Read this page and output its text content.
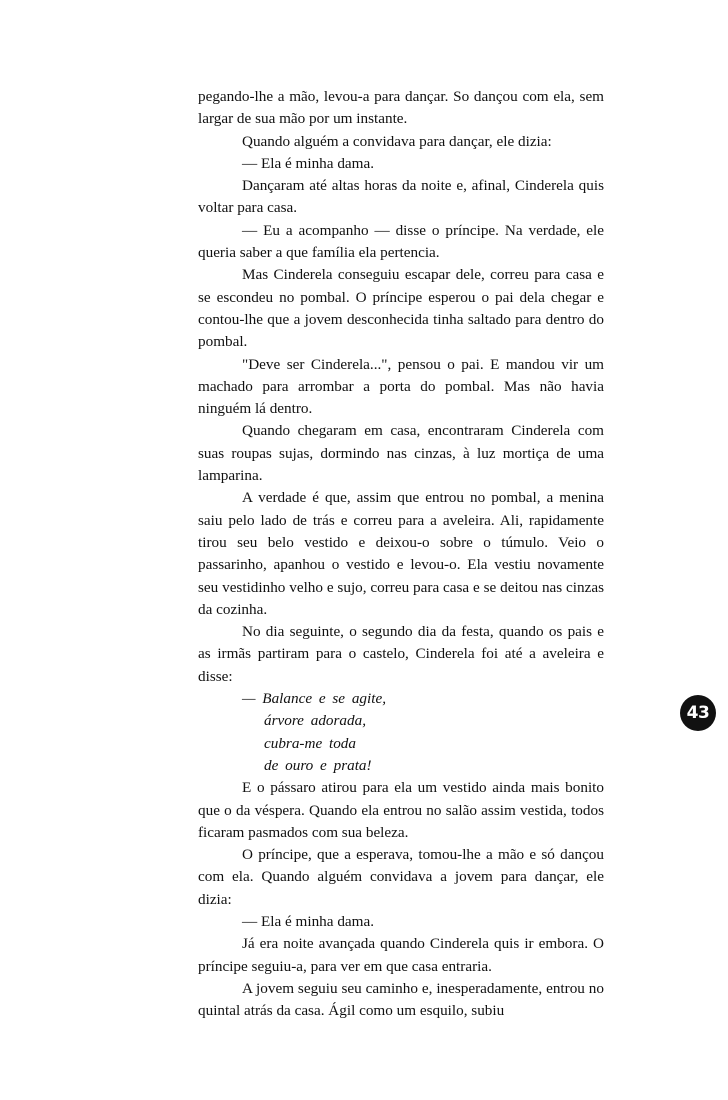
pegando-lhe a mão, levou-a para dançar. So dançou com ela, sem largar de sua mão por um instante.

Quando alguém a convidava para dançar, ele dizia:

— Ela é minha dama.

Dançaram até altas horas da noite e, afinal, Cinderela quis voltar para casa.

— Eu a acompanho — disse o príncipe. Na verdade, ele queria saber a que família ela pertencia.

Mas Cinderela conseguiu escapar dele, correu para casa e se escondeu no pombal. O príncipe esperou o pai dela chegar e contou-lhe que a jovem desconhecida tinha saltado para dentro do pombal.

"Deve ser Cinderela...", pensou o pai. E mandou vir um machado para arrombar a porta do pombal. Mas não havia ninguém lá dentro.

Quando chegaram em casa, encontraram Cinderela com suas roupas sujas, dormindo nas cinzas, à luz mortiça de uma lamparina.

A verdade é que, assim que entrou no pombal, a menina saiu pelo lado de trás e correu para a aveleira. Ali, rapidamente tirou seu belo vestido e deixou-o sobre o túmulo. Veio o passarinho, apanhou o vestido e levou-o. Ela vestiu novamente seu vestidinho velho e sujo, correu para casa e se deitou nas cinzas da cozinha.

No dia seguinte, o segundo dia da festa, quando os pais e as irmãs partiram para o castelo, Cinderela foi até a aveleira e disse:

— Balance e se agite,

árvore adorada,

cubra-me toda

de ouro e prata!

E o pássaro atirou para ela um vestido ainda mais bonito que o da véspera. Quando ela entrou no salão assim vestida, todos ficaram pasmados com sua beleza.

O príncipe, que a esperava, tomou-lhe a mão e só dançou com ela. Quando alguém convidava a jovem para dançar, ele dizia:

— Ela é minha dama.

Já era noite avançada quando Cinderela quis ir embora. O príncipe seguiu-a, para ver em que casa entraria.

A jovem seguiu seu caminho e, inesperadamente, entrou no quintal atrás da casa. Ágil como um esquilo, subiu

43
